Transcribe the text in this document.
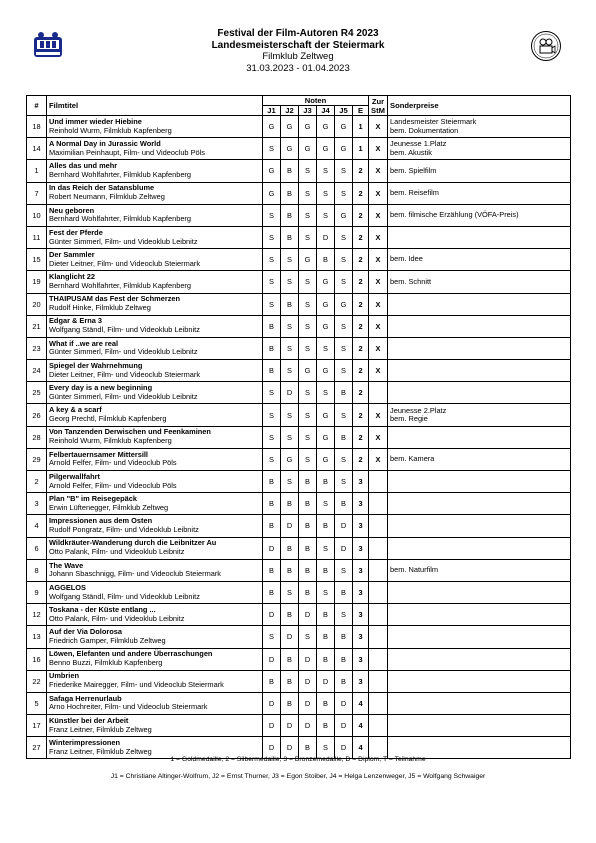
Festival der Film-Autoren R4 2023
Landesmeisterschaft der Steiermark
Filmklub Zeltweg
31.03.2023 - 01.04.2023
#	Filmtitel	Noten						Zur
StM	Sonderpreise
		J1	J2	J3	J4	J5	E		
18	Und immer wieder Hiebine
Reinhold Wurm, Filmklub Kapfenberg	G	G	G	G	G	1	X	Landesmeister Steiermark
bem. Dokumentation

14	A Normal Day in Jurassic World
Maximilian Peinhaupt, Film- und Videoclub Pöls	S	G	G	G	G	1	X	Jeunesse 1.Platz
bem. Akustik

1	Alles das und mehr
Bernhard Wohlfahrter, Filmklub Kapfenberg	G	B	S	S	S	2	X	bem. Spielfilm

7	In das Reich der Satansblume
Robert Neumann, Filmklub Zeltweg	G	B	S	S	S	2	X	bem. Reisefilm

10	Neu geboren
Bernhard Wohlfahrter, Filmklub Kapfenberg	S	B	S	S	G	2	X	bem. filmische Erzählung (VÖFA-Preis)

11	Fest der Pferde
Günter Simmerl, Film- und Videoklub Leibnitz	S	B	S	D	S	2	X	
15	Der Sammler
Dieter Leitner, Film- und Videoclub Steiermark	S	S	G	B	S	2	X	bem. Idee

19	Klanglicht 22
Bernhard Wohlfahrter, Filmklub Kapfenberg	S	S	S	G	S	2	X	bem. Schnitt

20	THAIPUSAM das Fest der Schmerzen
Rudolf Hinke, Filmklub Zeltweg	S	B	S	G	G	2	X	
21	Edgar & Erna 3
Wolfgang Ständl, Film- und Videoklub Leibnitz	B	S	S	G	S	2	X	
23	What if ..we are real
Günter Simmerl, Film- und Videoklub Leibnitz	B	S	S	S	S	2	X	
24	Spiegel der Wahrnehmung
Dieter Leitner, Film- und Videoclub Steiermark	B	S	G	G	S	2	X	
25	Every day is a new beginning
Günter Simmerl, Film- und Videoklub Leibnitz	S	D	S	S	B	2		
26	A key & a scarf
Georg Prechtl, Filmklub Kapfenberg	S	S	S	G	S	2	X	Jeunesse 2.Platz
bem. Regie

28	Von Tanzenden Derwischen und Feenkaminen
Reinhold Wurm, Filmklub Kapfenberg	S	S	S	G	B	2	X	
29	Felbertauernsamer Mittersill
Arnold Felfer, Film- und Videoclub Pöls	S	G	S	G	S	2	X	bem. Kamera

2	Pilgerwallfahrt
Arnold Felfer, Film- und Videoclub Pöls	B	S	B	B	S	3		
3	Plan "B" im Reisegepäck
Erwin Lüftenegger, Filmklub Zeltweg	B	B	B	S	B	3		
4	Impressionen aus dem Osten
Rudolf Pongratz, Film- und Videoklub Leibnitz	B	D	B	B	D	3		
6	Wildkräuter-Wanderung durch die Leibnitzer Au
Otto Palank, Film- und Videoklub Leibnitz	D	B	B	S	D	3		
8	The Wave
Johann Sbaschnigg, Film- und Videoclub Steiermark	B	B	B	B	S	3		bem. Naturfilm

9	AGGELOS
Wolfgang Ständl, Film- und Videoklub Leibnitz	B	S	B	S	B	3		
12	Toskana - der Küste entlang ...
Otto Palank, Film- und Videoklub Leibnitz	D	B	D	B	S	3		
13	Auf der Via Dolorosa
Friedrich Gamper, Filmklub Zeltweg	S	D	S	B	B	3		
16	Löwen, Elefanten und andere Überraschungen
Benno Buzzi, Filmklub Kapfenberg	D	B	D	B	B	3		
22	Umbrien
Friederike Mairegger, Film- und Videoclub Steiermark	B	B	D	D	B	3		
5	Safaga Herrenurlaub
Arno Hochreiter, Film- und Videoclub Steiermark	D	B	D	B	D	4		
17	Künstler bei der Arbeit
Franz Leitner, Filmklub Zeltweg	D	D	D	B	D	4		
27	Winterimpressionen
Franz Leitner, Filmklub Zeltweg	D	D	B	S	D	4		
1 = Goldmedaille, 2 = Silbermedaille, 3 = Bronzemedaille, D = Diplom, T = Teilnahme
J1 = Christiane Altinger-Wolfrum, J2 = Ernst Thurner, J3 = Egon Stoiber, J4 = Helga Lenzenweger, J5 = Wolfgang Schwaiger
